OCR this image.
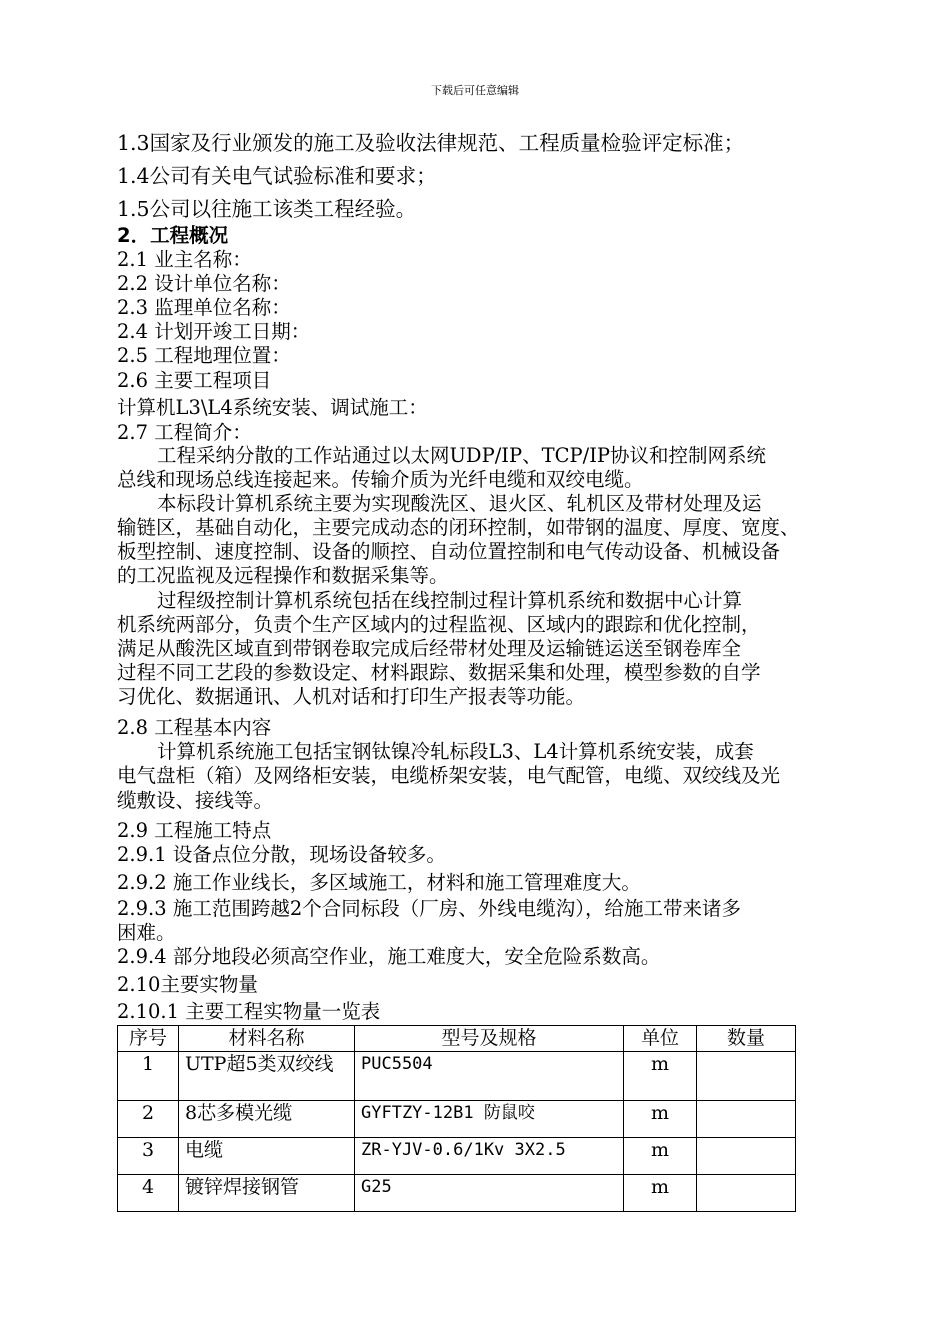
下载后可任意编辑
1.3国家及行业颁发的施工及验收法律规范、工程质量检验评定标准；
1.4公司有关电气试验标准和要求；
1.5公司以往施工该类工程经验。
2．工程概况
2.1 业主名称：
2.2 设计单位名称：
2.3 监理单位名称：
2.4 计划开竣工日期：
2.5 工程地理位置：
2.6 主要工程项目
计算机L3\L4系统安装、调试施工：
2.7 工程简介：
工程采纳分散的工作站通过以太网UDP/IP、TCP/IP协议和控制网系统
总线和现场总线连接起来。传输介质为光纤电缆和双绞电缆。
本标段计算机系统主要为实现酸洗区、退火区、轧机区及带材处理及运
输链区，基础自动化，主要完成动态的闭环控制，如带钢的温度、厚度、宽度、
板型控制、速度控制、设备的顺控、自动位置控制和电气传动设备、机械设备
的工况监视及远程操作和数据采集等。
过程级控制计算机系统包括在线控制过程计算机系统和数据中心计算
机系统两部分，负责个生产区域内的过程监视、区域内的跟踪和优化控制，
满足从酸洗区域直到带钢卷取完成后经带材处理及运输链运送至钢卷库全
过程不同工艺段的参数设定、材料跟踪、数据采集和处理，模型参数的自学
习优化、数据通讯、人机对话和打印生产报表等功能。
2.8 工程基本内容
计算机系统施工包括宝钢钛镍冷轧标段L3、L4计算机系统安装，成套
电气盘柜（箱）及网络柜安装，电缆桥架安装，电气配管，电缆、双绞线及光
缆敷设、接线等。
2.9 工程施工特点
2.9.1 设备点位分散，现场设备较多。
2.9.2 施工作业线长，多区域施工，材料和施工管理难度大。
2.9.3 施工范围跨越2个合同标段（厂房、外线电缆沟），给施工带来诸多
困难。
2.9.4 部分地段必须高空作业，施工难度大，安全危险系数高。
2.10主要实物量
2.10.1 主要工程实物量一览表
序号	材料名称	型号及规格	单位	数量
1	UTP超5类双绞线	PUC5504	m	
2	8芯多模光缆	GYFTZY-12B1 防鼠咬	m	
3	电缆	ZR-YJV-0.6/1Kv 3X2.5	m	
4	镀锌焊接钢管	G25	m	
